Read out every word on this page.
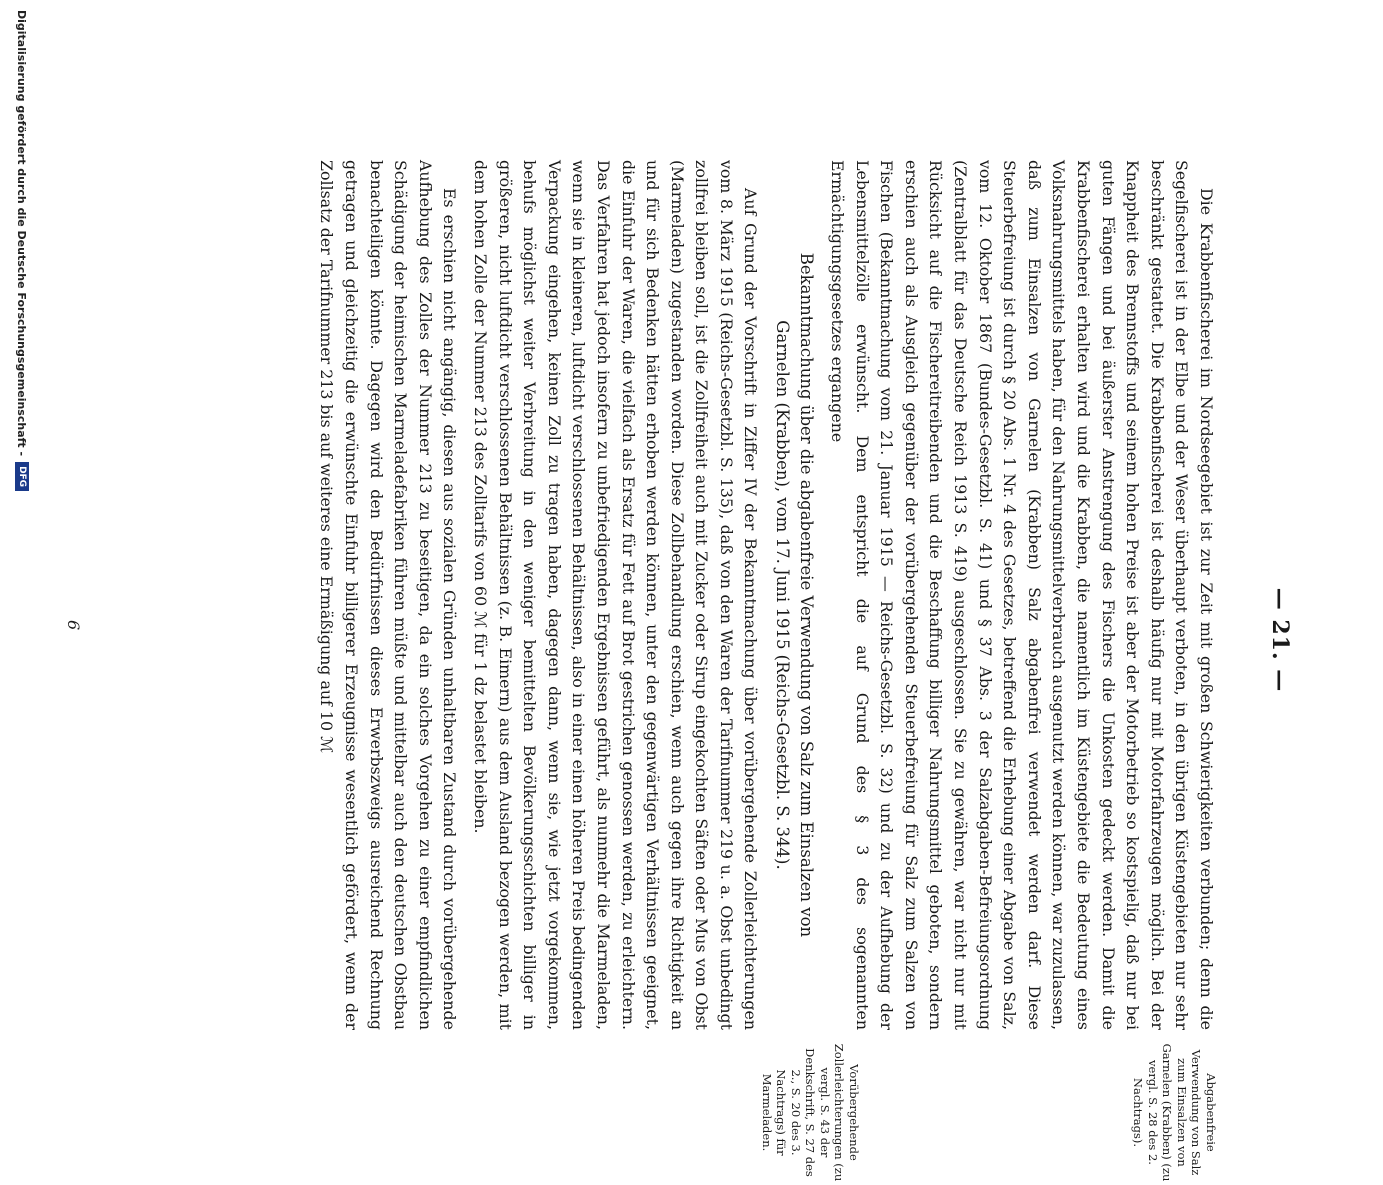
— 21. —

Die Krabbenfischerei im Nordseegebiet ist zur Zeit mit großen Schwierigkeiten verbunden; denn die Segelfischerei ist in der Elbe und der Weser überhaupt verboten, in den übrigen Küstengebieten nur sehr beschränkt gestattet. Die Krabbenfischerei ist deshalb häufig nur mit Motorfahrzeugen möglich. Bei der Knappheit des Brennstoffs und seinem hohen Preise ist aber der Motorbetrieb so kostspielig, daß nur bei guten Fängen und bei äußerster Anstrengung des Fischers die Unkosten gedeckt werden. Damit die Krabbenfischerei erhalten wird und die Krabben, die namentlich im Küstengebiete die Bedeutung eines Volksnahrungsmittels haben, für den Nahrungsmittelverbrauch ausgenutzt werden können, war zuzulassen, daß zum Einsalzen von Garnelen (Krabben) Salz abgabenfrei verwendet werden darf. Diese Steuerbefreiung ist durch § 20 Abs. 1 Nr. 4 des Gesetzes, betreffend die Erhebung einer Abgabe von Salz, vom 12. Oktober 1867 (Bundes-Gesetzbl. S. 41) und § 37 Abs. 3 der Salzabgaben-Befreiungsordnung (Zentralblatt für das Deutsche Reich 1913 S. 419) ausgeschlossen. Sie zu gewähren, war nicht nur mit Rücksicht auf die Fischereitreibenden und die Beschaffung billiger Nahrungsmittel geboten, sondern erschien auch als Ausgleich gegenüber der vorübergehenden Steuerbefreiung für Salz zum Salzen von Fischen (Bekanntmachung vom 21. Januar 1915 — Reichs-Gesetzbl. S. 32) und zu der Aufhebung der Lebensmittelzölle erwünscht. Dem entspricht die auf Grund des § 3 des sogenannten Ermächtigungsgesetzes ergangene

Bekanntmachung über die abgabenfreie Verwendung von Salz zum Einsalzen von Garnelen (Krabben), vom 17. Juni 1915 (Reichs-Gesetzbl. S. 344).

Auf Grund der Vorschrift in Ziffer IV der Bekanntmachung über vorübergehende Zollerleichterungen vom 8. März 1915 (Reichs-Gesetzbl. S. 135), daß von den Waren der Tarifnummer 219 u. a. Obst unbedingt zollfrei bleiben soll, ist die Zollfreiheit auch mit Zucker oder Sirup eingekochten Säften oder Mus von Obst (Marmeladen) zugestanden worden. Diese Zollbehandlung erschien, wenn auch gegen ihre Richtigkeit an und für sich Bedenken hätten erhoben werden können, unter den gegenwärtigen Verhältnissen geeignet, die Einfuhr der Waren, die vielfach als Ersatz für Fett auf Brot gestrichen genossen werden, zu erleichtern. Das Verfahren hat jedoch insofern zu unbefriedigenden Ergebnissen geführt, als nunmehr die Marmeladen, wenn sie in kleineren, luftdicht verschlossenen Behältnissen, also in einer einen höheren Preis bedingenden Verpackung eingehen, keinen Zoll zu tragen haben, dagegen dann, wenn sie, wie jetzt vorgekommen, behufs möglichst weiter Verbreitung in den weniger bemittelten Bevölkerungsschichten billiger in größeren, nicht luftdicht verschlossenen Behältnissen (z. B. Eimern) aus dem Ausland bezogen werden, mit dem hohen Zolle der Nummer 213 des Zolltarifs von 60 ℳ für 1 dz belastet bleiben.

Es erschien nicht angängig, diesen aus sozialen Gründen unhaltbaren Zustand durch vorübergehende Aufhebung des Zolles der Nummer 213 zu beseitigen, da ein solches Vorgehen zu einer empfindlichen Schädigung der heimischen Marmeladefabriken führen müßte und mittelbar auch den deutschen Obstbau benachteiligen könnte. Dagegen wird den Bedürfnissen dieses Erwerbszweigs ausreichend Rechnung getragen und gleichzeitig die erwünschte Einfuhr billigerer Erzeugnisse wesentlich gefördert, wenn der Zollsatz der Tarifnummer 213 bis auf weiteres eine Ermäßigung auf 10 ℳ

Abgabenfreie Verwendung von Salz zum Einsalzen von Garnelen (Krabben) (zu vergl. S. 28 des 2. Nachtrags).
Vorübergehende Zollerleichterungen (zu vergl. S. 43 der Denkschrift, S. 27 des 2., S. 20 des 3. Nachtrags) für Marmeladen.
6
Digitalisierung gefördert durch die Deutsche Forschungsgemeinschaft -
DFG
